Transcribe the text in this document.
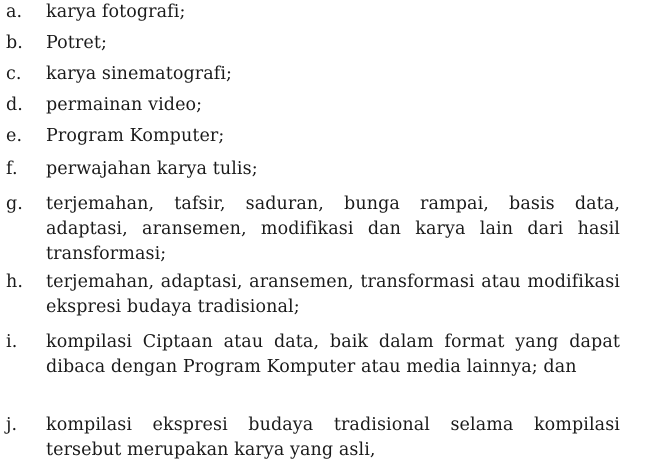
a.	karya fotografi;
b.	Potret;
c.	karya sinematografi;
d.	permainan video;
e.	Program Komputer;
f.	perwajahan karya tulis;
g.	terjemahan, tafsir, saduran, bunga rampai, basis data, adaptasi, aransemen, modifikasi dan karya lain dari hasil transformasi;
h.	terjemahan, adaptasi, aransemen, transformasi atau modifikasi ekspresi budaya tradisional;
i.	kompilasi Ciptaan atau data, baik dalam format yang dapat dibaca dengan Program Komputer atau media lainnya; dan
j.	kompilasi ekspresi budaya tradisional selama kompilasi tersebut merupakan karya yang asli,
